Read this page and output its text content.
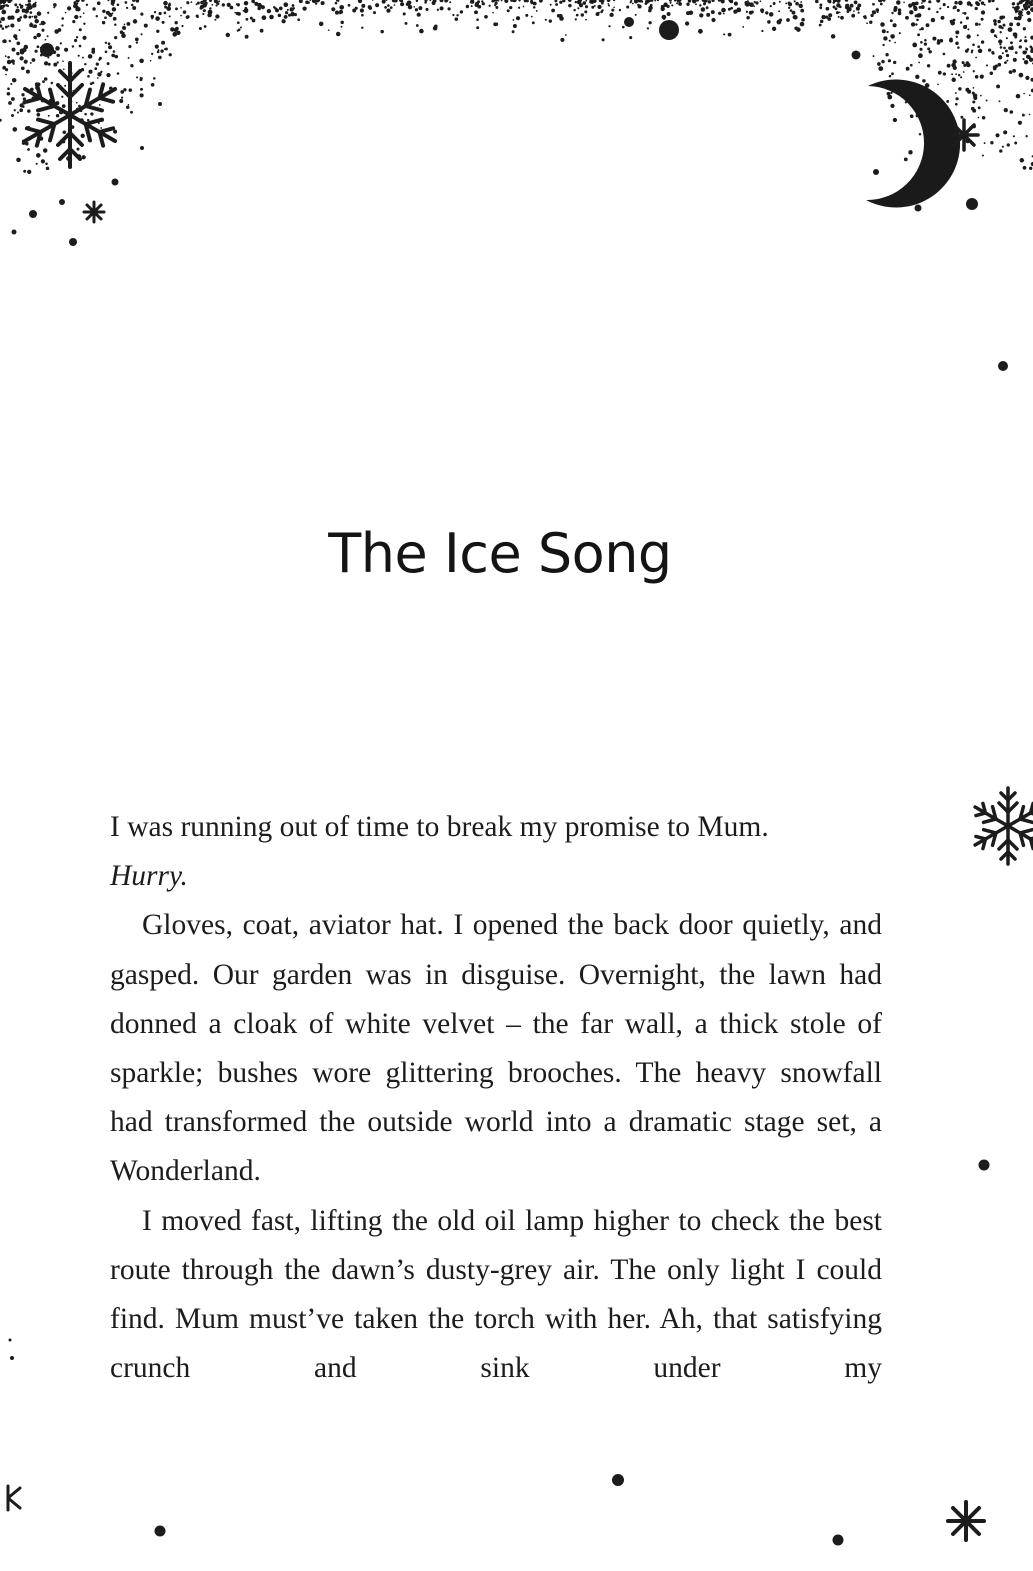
The Ice Song

I was running out of time to break my promise to Mum.
Hurry.

Gloves, coat, aviator hat. I opened the back door quietly, and gasped. Our garden was in disguise. Overnight, the lawn had donned a cloak of white velvet – the far wall, a thick stole of sparkle; bushes wore glittering brooches. The heavy snowfall had transformed the outside world into a dramatic stage set, a Wonderland.

I moved fast, lifting the old oil lamp higher to check the best route through the dawn’s dusty-grey air. The only light I could find. Mum must’ve taken the torch with her. Ah, that satisfying crunch and sink under my
